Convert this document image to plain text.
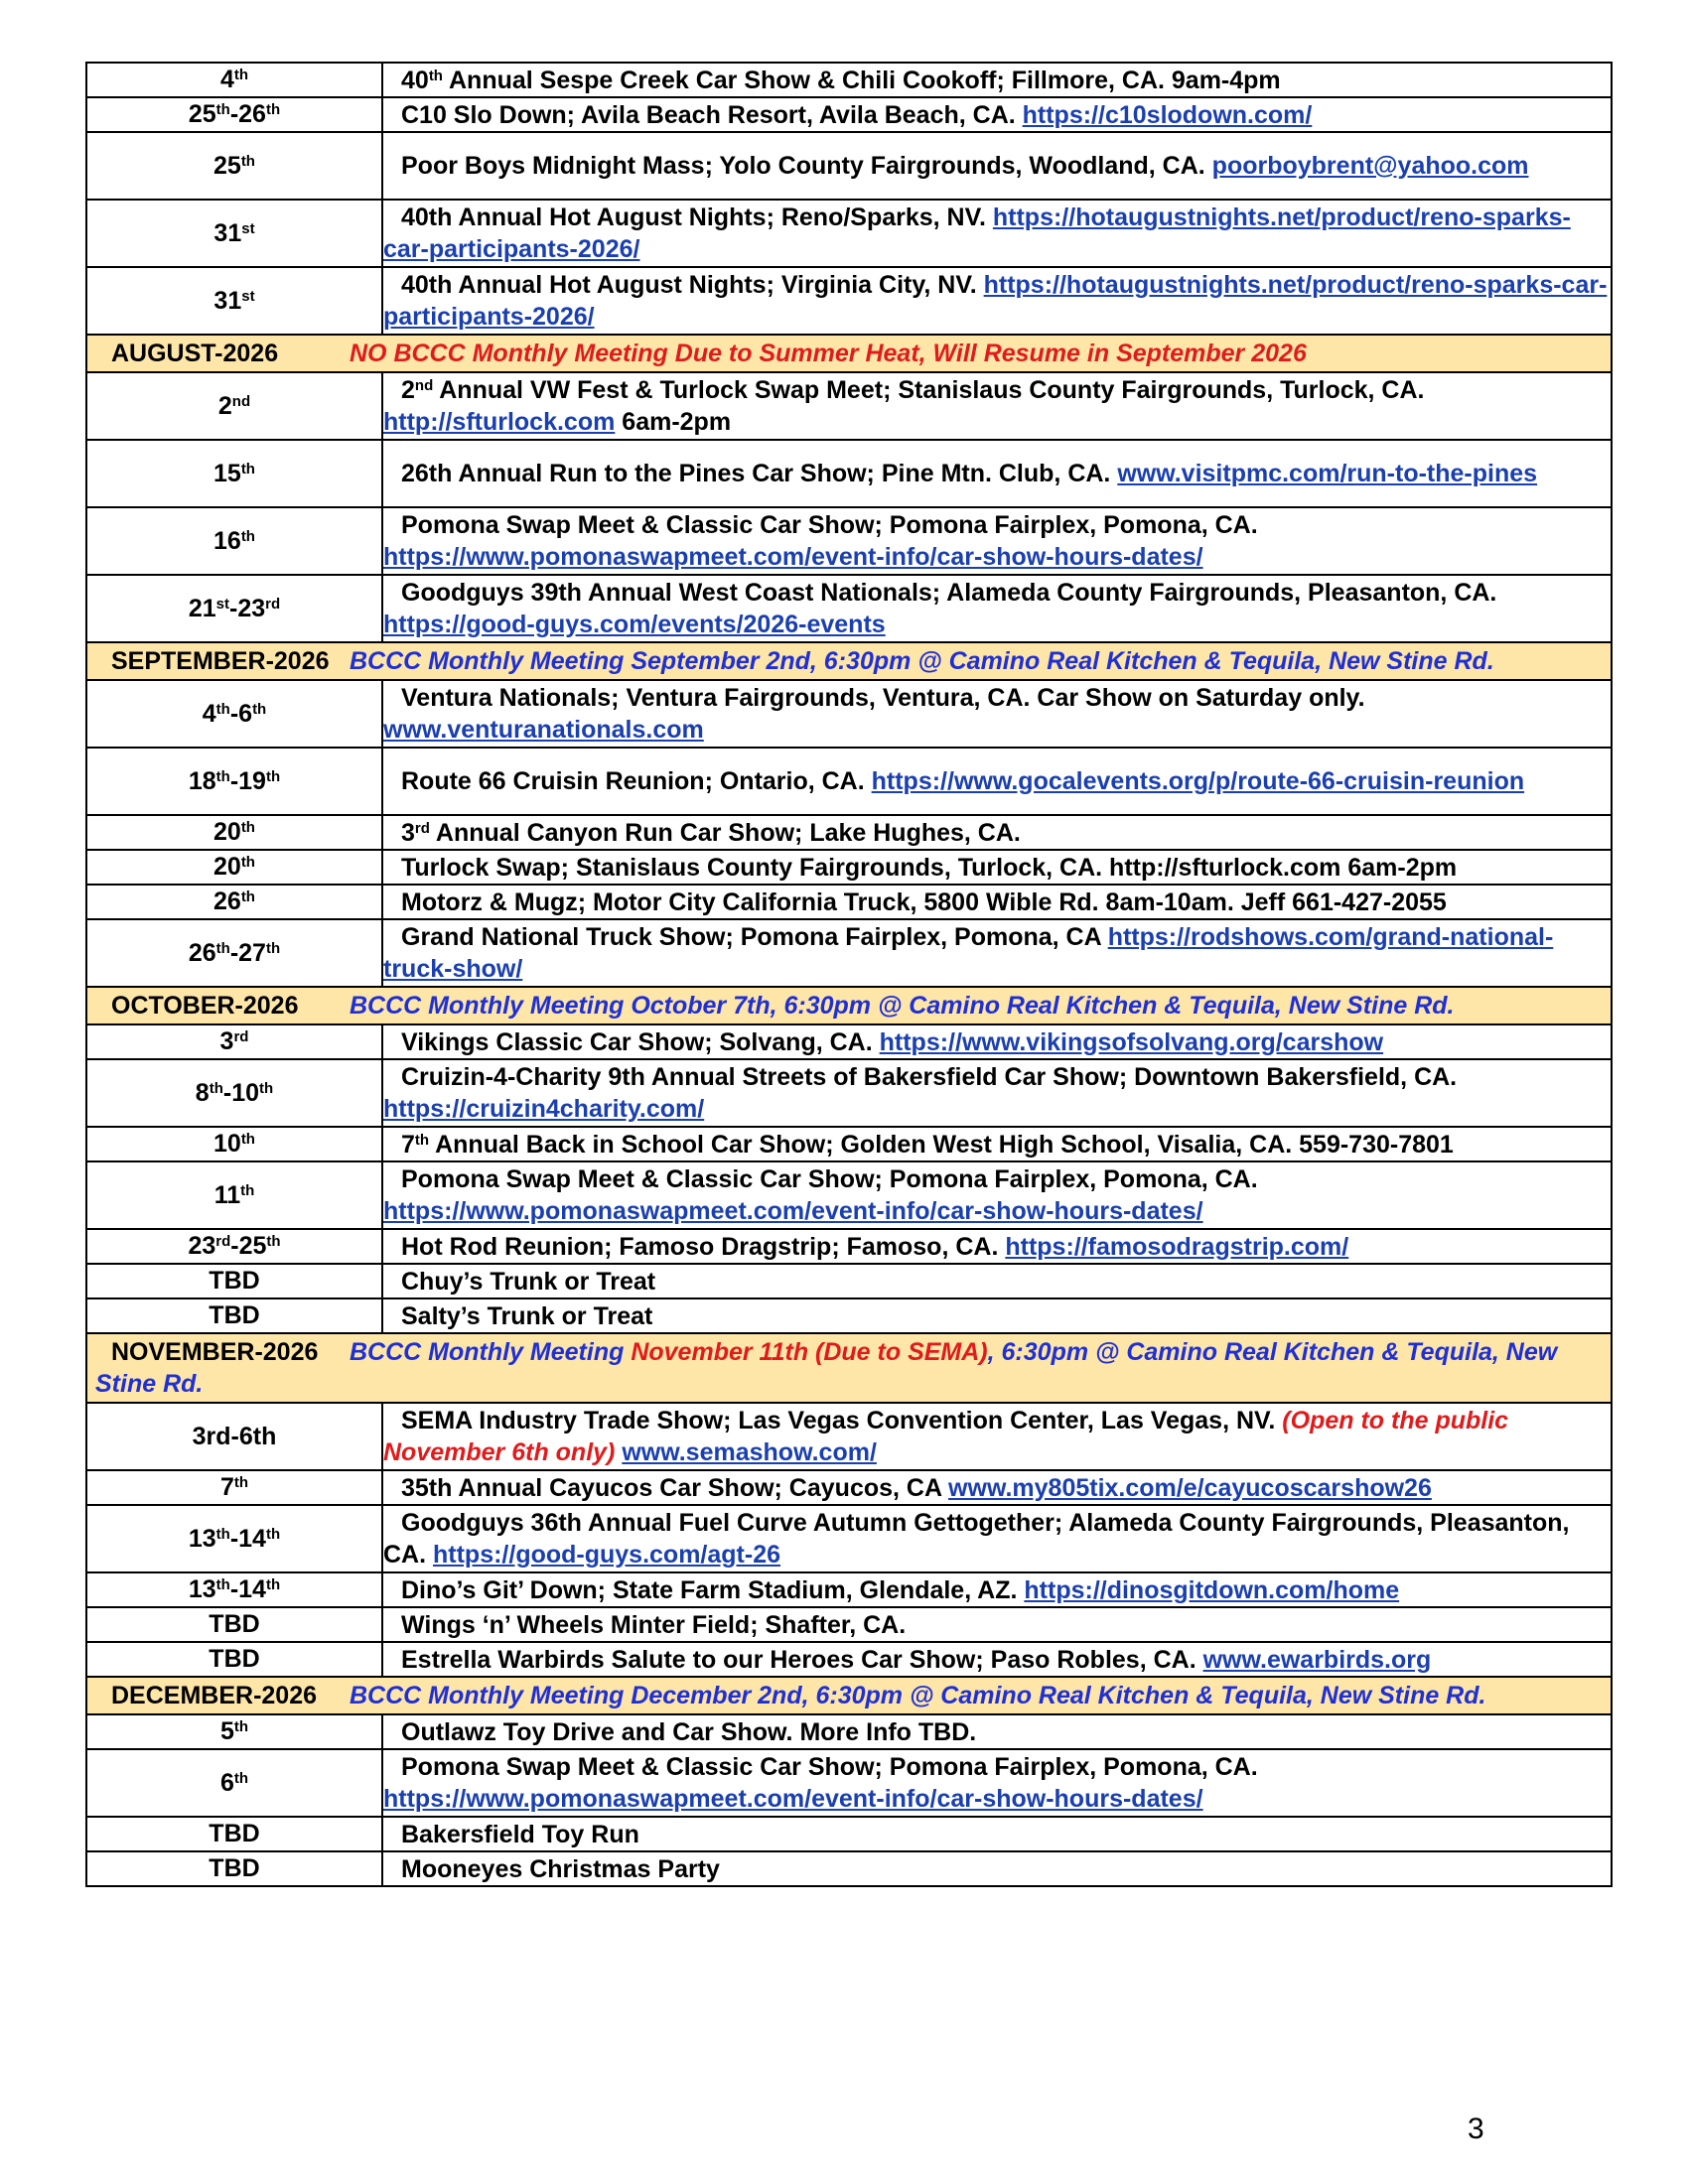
4th	40th Annual Sespe Creek Car Show & Chili Cookoff; Fillmore, CA. 9am-4pm
25th-26th	C10 Slo Down; Avila Beach Resort, Avila Beach, CA. https://c10slodown.com/
25th	Poor Boys Midnight Mass; Yolo County Fairgrounds, Woodland, CA. poorboybrent@yahoo.com
31st	40th Annual Hot August Nights; Reno/Sparks, NV. https://hotaugustnights.net/product/reno-sparks-car-participants-2026/
31st	40th Annual Hot August Nights; Virginia City, NV. https://hotaugustnights.net/product/reno-sparks-car-participants-2026/
AUGUST-2026 NO BCCC Monthly Meeting Due to Summer Heat, Will Resume in September 2026	
2nd	2nd Annual VW Fest & Turlock Swap Meet; Stanislaus County Fairgrounds, Turlock, CA. http://sfturlock.com 6am-2pm
15th	26th Annual Run to the Pines Car Show; Pine Mtn. Club, CA. www.visitpmc.com/run-to-the-pines
16th	Pomona Swap Meet & Classic Car Show; Pomona Fairplex, Pomona, CA. https://www.pomonaswapmeet.com/event-info/car-show-hours-dates/
21st-23rd	Goodguys 39th Annual West Coast Nationals; Alameda County Fairgrounds, Pleasanton, CA. https://good-guys.com/events/2026-events
SEPTEMBER-2026 BCCC Monthly Meeting September 2nd, 6:30pm @ Camino Real Kitchen & Tequila, New Stine Rd.	
4th-6th	Ventura Nationals; Ventura Fairgrounds, Ventura, CA. Car Show on Saturday only. www.venturanationals.com
18th-19th	Route 66 Cruisin Reunion; Ontario, CA. https://www.gocalevents.org/p/route-66-cruisin-reunion
20th	3rd Annual Canyon Run Car Show; Lake Hughes, CA.
20th	Turlock Swap; Stanislaus County Fairgrounds, Turlock, CA. http://sfturlock.com 6am-2pm
26th	Motorz & Mugz; Motor City California Truck, 5800 Wible Rd. 8am-10am. Jeff 661-427-2055
26th-27th	Grand National Truck Show; Pomona Fairplex, Pomona, CA https://rodshows.com/grand-national-truck-show/
OCTOBER-2026 BCCC Monthly Meeting October 7th, 6:30pm @ Camino Real Kitchen & Tequila, New Stine Rd.	
3rd	Vikings Classic Car Show; Solvang, CA. https://www.vikingsofsolvang.org/carshow
8th-10th	Cruizin-4-Charity 9th Annual Streets of Bakersfield Car Show; Downtown Bakersfield, CA. https://cruizin4charity.com/
10th	7th Annual Back in School Car Show; Golden West High School, Visalia, CA. 559-730-7801
11th	Pomona Swap Meet & Classic Car Show; Pomona Fairplex, Pomona, CA. https://www.pomonaswapmeet.com/event-info/car-show-hours-dates/
23rd-25th	Hot Rod Reunion; Famoso Dragstrip; Famoso, CA. https://famosodragstrip.com/
TBD	Chuy’s Trunk or Treat
TBD	Salty’s Trunk or Treat
NOVEMBER-2026 BCCC Monthly Meeting November 11th (Due to SEMA), 6:30pm @ Camino Real Kitchen & Tequila, New Stine Rd.	
3rd-6th	SEMA Industry Trade Show; Las Vegas Convention Center, Las Vegas, NV. (Open to the public November 6th only) www.semashow.com/
7th	35th Annual Cayucos Car Show; Cayucos, CA www.my805tix.com/e/cayucoscarshow26
13th-14th	Goodguys 36th Annual Fuel Curve Autumn Gettogether; Alameda County Fairgrounds, Pleasanton, CA. https://good-guys.com/agt-26
13th-14th	Dino’s Git’ Down; State Farm Stadium, Glendale, AZ. https://dinosgitdown.com/home
TBD	Wings ‘n’ Wheels Minter Field; Shafter, CA.
TBD	Estrella Warbirds Salute to our Heroes Car Show; Paso Robles, CA. www.ewarbirds.org
DECEMBER-2026 BCCC Monthly Meeting December 2nd, 6:30pm @ Camino Real Kitchen & Tequila, New Stine Rd.	
5th	Outlawz Toy Drive and Car Show. More Info TBD.
6th	Pomona Swap Meet & Classic Car Show; Pomona Fairplex, Pomona, CA. https://www.pomonaswapmeet.com/event-info/car-show-hours-dates/
TBD	Bakersfield Toy Run
TBD	Mooneyes Christmas Party
3
